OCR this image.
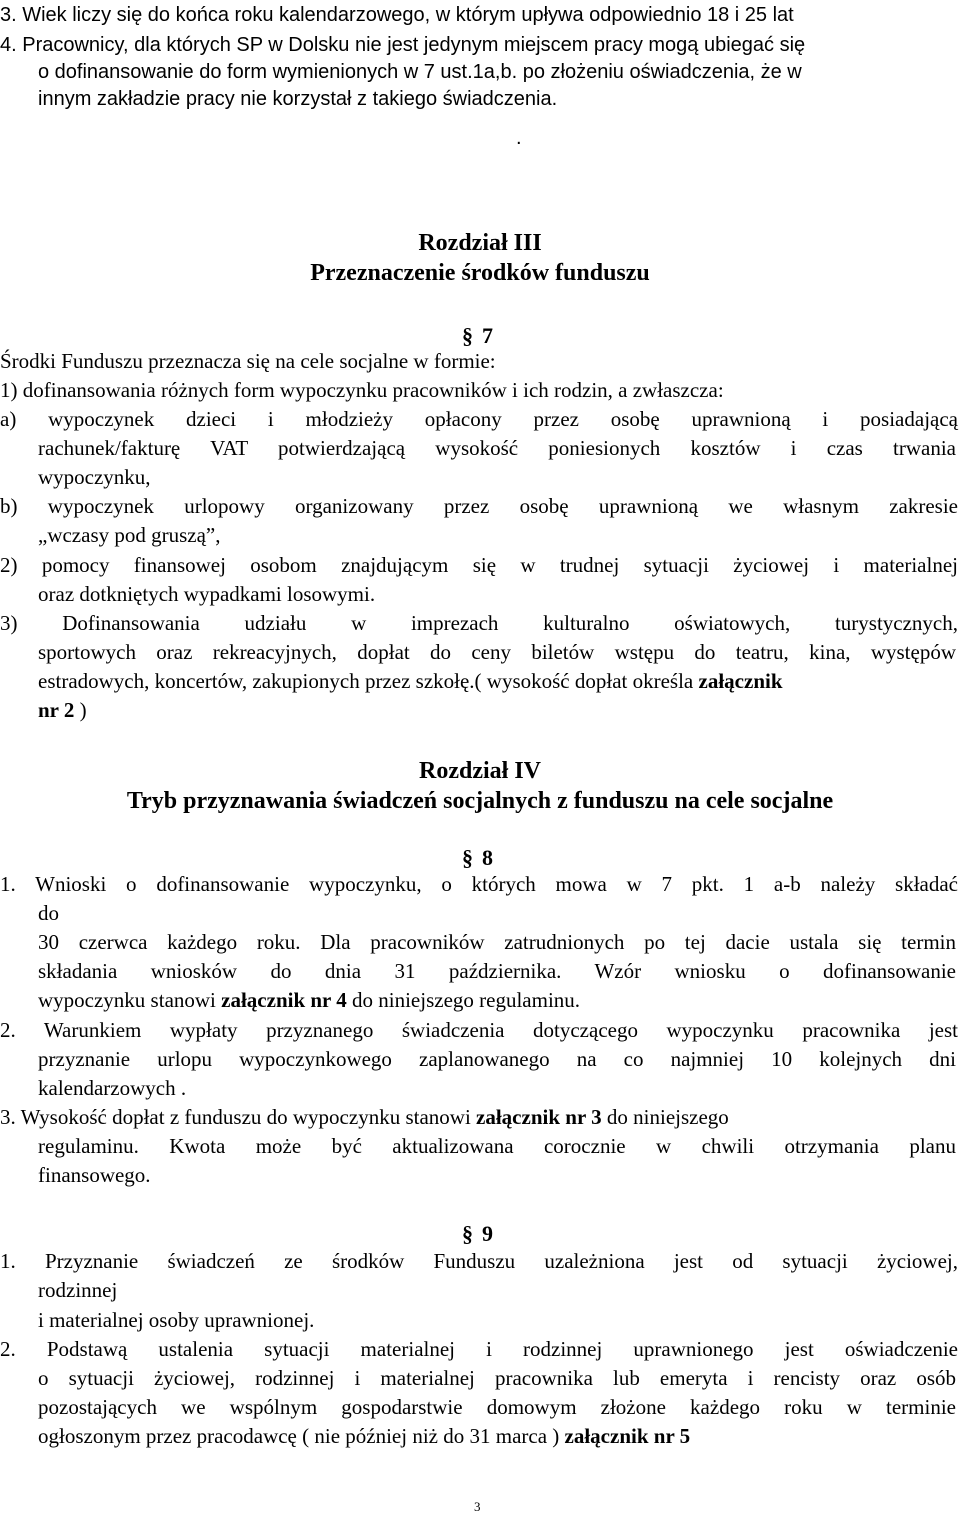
3. Wiek liczy się do końca roku kalendarzowego, w którym upływa odpowiednio 18 i 25 lat
4. Pracownicy, dla których SP w Dolsku nie jest jedynym miejscem pracy mogą ubiegać się
o dofinansowanie do form wymienionych w 7 ust.1a,b. po złożeniu oświadczenia, że w
innym zakładzie pracy nie korzystał z takiego świadczenia.
.
Rozdział III
Przeznaczenie środków funduszu
§ 7
Środki Funduszu przeznacza się na cele socjalne w formie:
1) dofinansowania różnych form wypoczynku pracowników i ich rodzin, a zwłaszcza:
a) wypoczynek dzieci i młodzieży opłacony przez osobę uprawnioną i posiadającą
rachunek/fakturę VAT potwierdzającą wysokość poniesionych kosztów i czas trwania
wypoczynku,
b) wypoczynek urlopowy organizowany przez osobę uprawnioną we własnym zakresie
„wczasy pod gruszą”,
2) pomocy finansowej osobom znajdującym się w trudnej sytuacji życiowej i materialnej
oraz dotkniętych wypadkami losowymi.
3) Dofinansowania udziału w imprezach kulturalno oświatowych, turystycznych,
sportowych oraz rekreacyjnych, dopłat do ceny biletów wstępu do teatru, kina, występów
estradowych, koncertów, zakupionych przez szkołę.( wysokość dopłat określa załącznik
nr 2 )
Rozdział IV
Tryb przyznawania świadczeń socjalnych z funduszu na cele socjalne
§ 8
1. Wnioski o dofinansowanie wypoczynku, o których mowa w 7 pkt. 1 a-b należy składać
do
30 czerwca każdego roku. Dla pracowników zatrudnionych po tej dacie ustala się termin
składania wniosków do dnia 31 października. Wzór wniosku o dofinansowanie
wypoczynku stanowi załącznik nr 4 do niniejszego regulaminu.
2. Warunkiem wypłaty przyznanego świadczenia dotyczącego wypoczynku pracownika jest
przyznanie urlopu wypoczynkowego zaplanowanego na co najmniej 10 kolejnych dni
kalendarzowych .
3. Wysokość dopłat z funduszu do wypoczynku stanowi załącznik nr 3 do niniejszego
regulaminu. Kwota może być aktualizowana corocznie w chwili otrzymania planu
finansowego.
§ 9
1. Przyznanie świadczeń ze środków Funduszu uzależniona jest od sytuacji życiowej,
rodzinnej
i materialnej osoby uprawnionej.
2. Podstawą ustalenia sytuacji materialnej i rodzinnej uprawnionego jest oświadczenie
o sytuacji życiowej, rodzinnej i materialnej pracownika lub emeryta i rencisty oraz osób
pozostających we wspólnym gospodarstwie domowym złożone każdego roku w terminie
ogłoszonym przez pracodawcę ( nie później niż do 31 marca ) załącznik nr 5
3
